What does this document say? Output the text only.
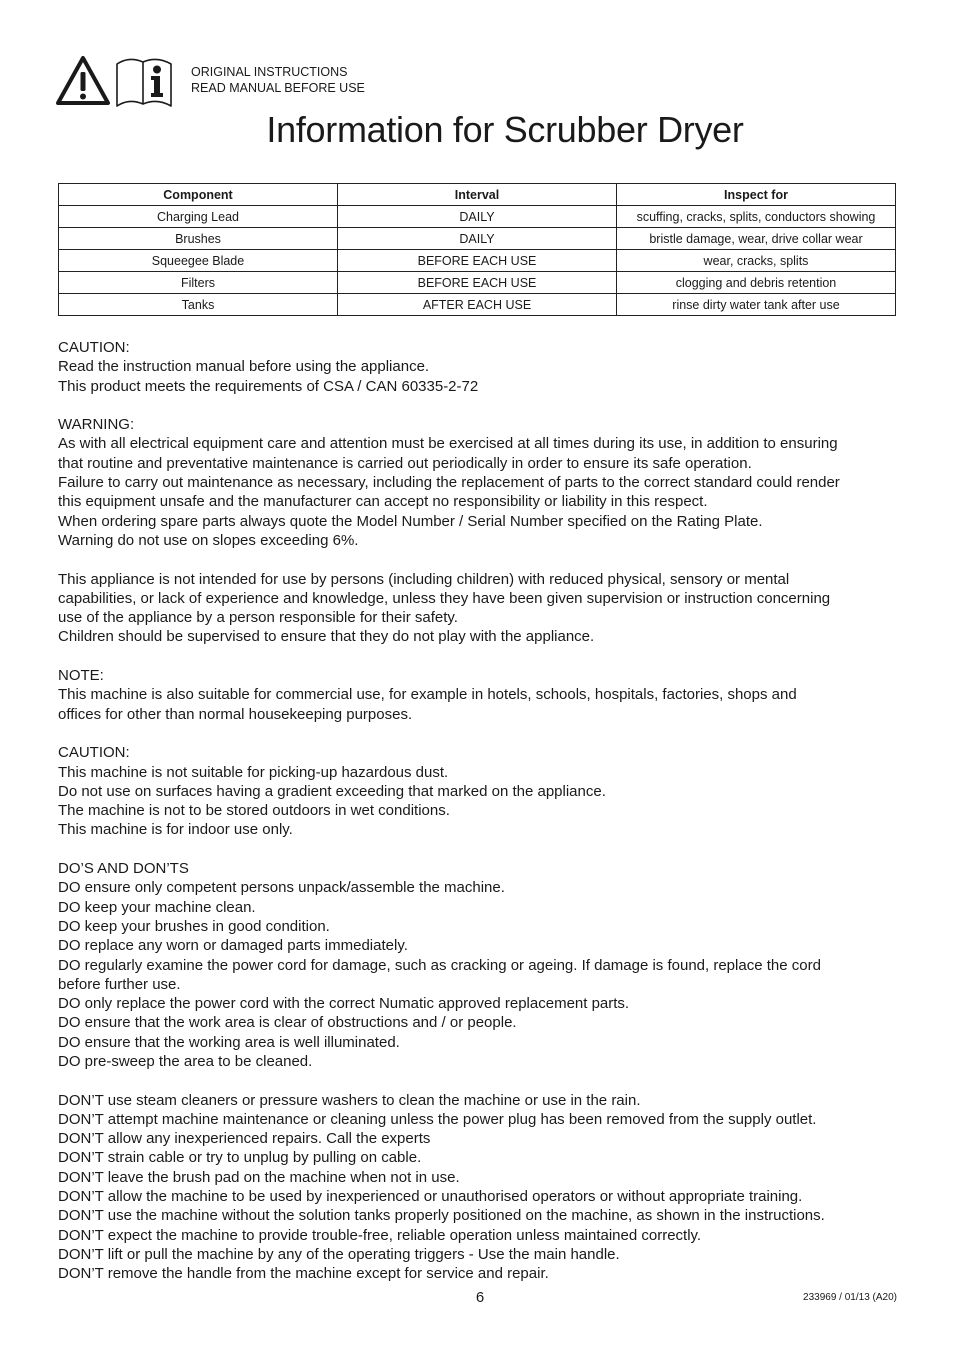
ORIGINAL INSTRUCTIONS
READ MANUAL BEFORE USE
Information for Scrubber Dryer
Component	Interval	Inspect for
Charging Lead	DAILY	scuffing, cracks, splits, conductors showing
Brushes	DAILY	bristle damage, wear, drive collar wear
Squeegee Blade	BEFORE EACH USE	wear, cracks, splits
Filters	BEFORE EACH USE	clogging and debris retention
Tanks	AFTER EACH USE	rinse dirty water tank after use
CAUTION:
Read the instruction manual before using the appliance.
This product meets the requirements of CSA / CAN 60335-2-72
WARNING:
As with all electrical equipment care and attention must be exercised at all times during its use, in addition to ensuring
that routine and preventative maintenance is carried out periodically in order to ensure its safe operation.
Failure to carry out maintenance as necessary, including the replacement of parts to the correct standard could render
this equipment unsafe and the manufacturer can accept no responsibility or liability in this respect.
When ordering spare parts always quote the Model Number / Serial Number specified on the Rating Plate.
Warning do not use on slopes exceeding 6%.
This appliance is not intended for use by persons (including children) with reduced physical, sensory or mental
capabilities, or lack of experience and knowledge, unless they have been given supervision or instruction concerning
use of the appliance by a person responsible for their safety.
Children should be supervised to ensure that they do not play with the appliance.
NOTE:
This machine is also suitable for commercial use, for example in hotels, schools, hospitals, factories, shops and
offices for other than normal housekeeping purposes.
CAUTION:
This machine is not suitable for picking-up hazardous dust.
Do not use on surfaces having a gradient exceeding that marked on the appliance.
The machine is not to be stored outdoors in wet conditions.
This machine is for indoor use only.
DO’S AND DON’TS
DO ensure only competent persons unpack/assemble the machine.
DO keep your machine clean.
DO keep your brushes in good condition.
DO replace any worn or damaged parts immediately.
DO regularly examine the power cord for damage, such as cracking or ageing. If damage is found, replace the cord
before further use.
DO only replace the power cord with the correct Numatic approved replacement parts.
DO ensure that the work area is clear of obstructions and / or people.
DO ensure that the working area is well illuminated.
DO pre-sweep the area to be cleaned.
DON’T use steam cleaners or pressure washers to clean the machine or use in the rain.
DON’T attempt machine maintenance or cleaning unless the power plug has been removed from the supply outlet.
DON’T allow any inexperienced repairs. Call the experts
DON’T strain cable or try to unplug by pulling on cable.
DON’T leave the brush pad on the machine when not in use.
DON’T allow the machine to be used by inexperienced or unauthorised operators or without appropriate training.
DON’T use the machine without the solution tanks properly positioned on the machine, as shown in the instructions.
DON’T expect the machine to provide trouble-free, reliable operation unless maintained correctly.
DON’T lift or pull the machine by any of the operating triggers - Use the main handle.
DON’T remove the handle from the machine except for service and repair.
6	233969 / 01/13 (A20)
